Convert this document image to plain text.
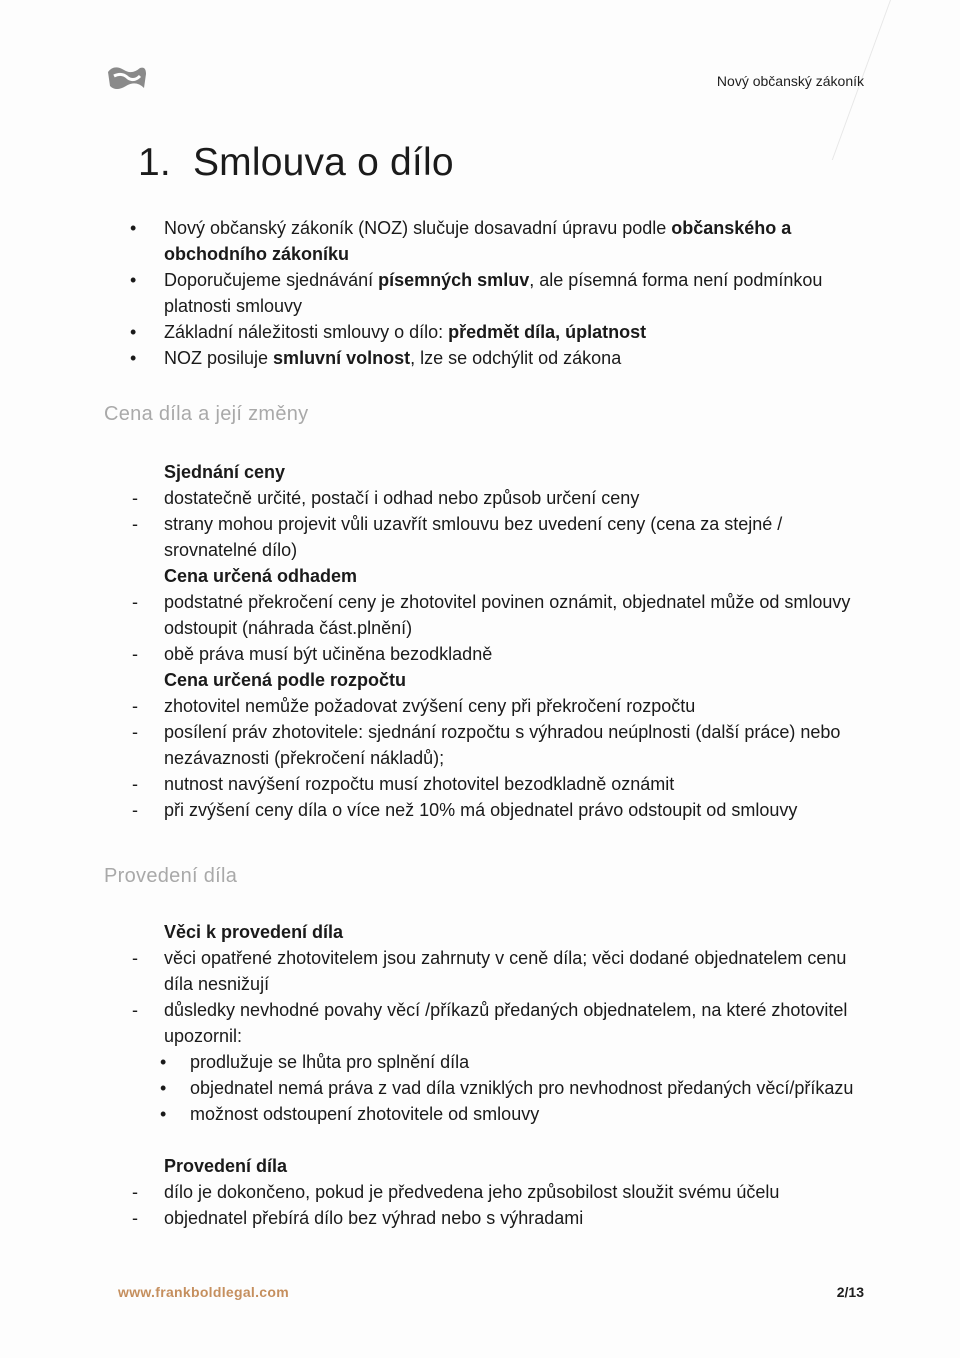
Nový občanský zákoník
1. Smlouva o dílo
• Nový občanský zákoník (NOZ) slučuje dosavadní úpravu podle občanského a obchodního zákoníku
• Doporučujeme sjednávání písemných smluv, ale písemná forma není podmínkou platnosti smlouvy
• Základní náležitosti smlouvy o dílo: předmět díla, úplatnost
• NOZ posiluje smluvní volnost, lze se odchýlit od zákona
Cena díla a její změny
Sjednání ceny
- dostatečně určité, postačí i odhad nebo způsob určení ceny
- strany mohou projevit vůli uzavřít smlouvu bez uvedení ceny (cena za stejné / srovnatelné dílo)
Cena určená odhadem
- podstatné překročení ceny je zhotovitel povinen oznámit, objednatel může od smlouvy odstoupit (náhrada část.plnění)
- obě práva musí být učiněna bezodkladně
Cena určená podle rozpočtu
- zhotovitel nemůže požadovat zvýšení ceny při překročení rozpočtu
- posílení práv zhotovitele: sjednání rozpočtu s výhradou neúplnosti (další práce) nebo nezávaznosti (překročení nákladů);
- nutnost navýšení rozpočtu musí zhotovitel bezodkladně oznámit
- při zvýšení ceny díla o více než 10% má objednatel právo odstoupit od smlouvy
Provedení díla
Věci k provedení díla
- věci opatřené zhotovitelem jsou zahrnuty v ceně díla; věci dodané objednatelem cenu díla nesnižují
- důsledky nevhodné povahy věcí /příkazů předaných objednatelem, na které zhotovitel upozornil:
• prodlužuje se lhůta pro splnění díla
• objednatel nemá práva z vad díla vzniklých pro nevhodnost předaných věcí/příkazu
• možnost odstoupení zhotovitele od smlouvy
Provedení díla
- dílo je dokončeno, pokud je předvedena jeho způsobilost sloužit svému účelu
- objednatel přebírá dílo bez výhrad nebo s výhradami
www.frankboldlegal.com	2/13
